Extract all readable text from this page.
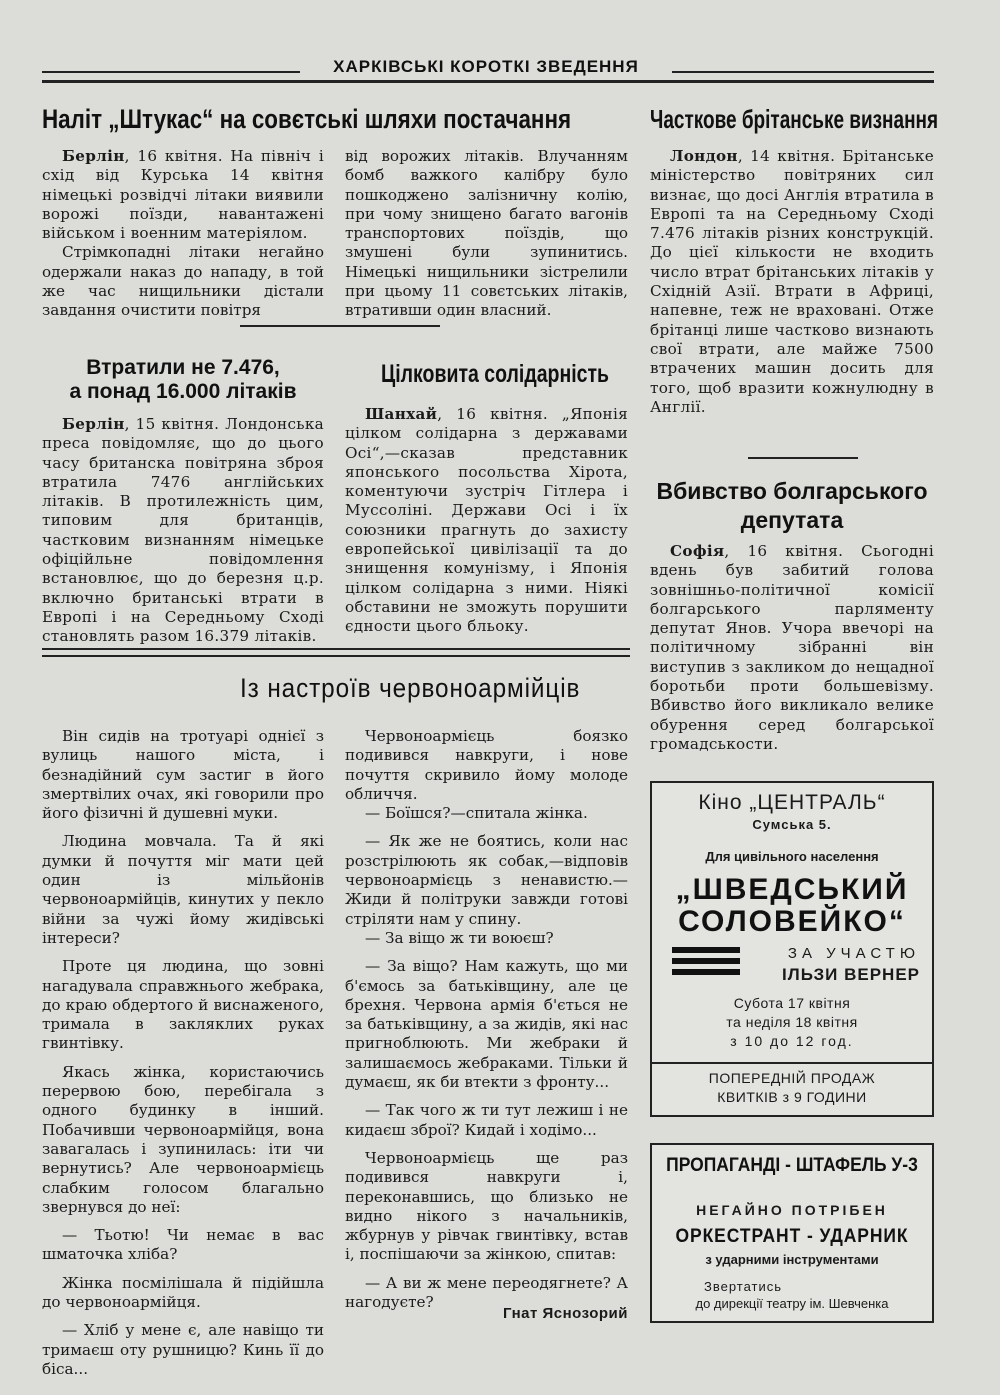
ХАРКІВСЬКІ КОРОТКІ ЗВЕДЕННЯ
Наліт „Штукас“ на совєтські шляхи постачання

Берлін, 16 квітня. На північ і схід від Курська 14 квітня німецькі розвідчі літаки виявили ворожі поїзди, навантажені військом і военним матеріялом.

Стрімкопадні літаки негайно одержали наказ до нападу, в той же час нищильники дістали завдання очистити повітря

від ворожих літаків. Влучанням бомб важкого калібру було пошкоджено залізничну колію, при чому знищено багато вагонів транспортових поїздів, що змушені були зупинитись. Німецькі нищильники зістрелили при цьому 11 совєтських літаків, втративши один власний.

Втратили не 7.476,
а понад 16.000 літаків

Берлін, 15 квітня. Лондонська преса повідомляє, що до цього часу британска повітряна зброя втратила 7476 англійських літаків. В протилежність цим, типовим для британців, частковим визнанням німецьке офіційльне повідомлення встановлює, що до березня ц.р. включно британські втрати в Европі і на Середньому Сході становлять разом 16.379 літаків.

Цілковита солідарність

Шанхай, 16 квітня. „Японія цілком солідарна з державами Осі“,—сказав представник японського посольства Хірота, коментуючи зустріч Гітлера і Муссоліні. Держави Осі і їх союзники прагнуть до захисту европейської цивілізації та до знищення комунізму, і Японія цілком солідарна з ними. Ніякі обставини не зможуть порушити єдности цього бльоку.

Часткове брітанське визнання

Лондон, 14 квітня. Брітанське міністерство повітряних сил визнає, що досі Англія втратила в Европі та на Середньому Сході 7.476 літаків різних конструкцій. До цієї кількости не входить число втрат брітанських літаків у Східній Азії. Втрати в Африці, напевне, теж не враховані. Отже брітанці лише частково визнають свої втрати, але майже 7500 втрачених машин досить для того, щоб вразити кожнулюдну в Англії.

Вбивство болгарського
депутата

Софія, 16 квітня. Сьогодні вдень був забитий голова зовнішньо-політичної комісії болгарського парляменту депутат Янов. Учора ввечорі на політичному зібранні він виступив з закликом до нещадної боротьби проти большевізму. Вбивство його викликало велике обурення серед болгарської громадськости.

Із настроїв червоноармійців

Він сидів на тротуарі однієї з вулиць нашого міста, і безнадійний сум застиг в його змертвілих очах, які говорили про його фізичні й душевні муки.

Людина мовчала. Та й які думки й почуття міг мати цей один із мільйонів червоноармійців, кинутих у пекло війни за чужі йому жидівські інтереси?

Проте ця людина, що зовні нагадувала справжнього жебрака, до краю обдертого й виснаженого, тримала в закляклих руках гвинтівку.

Якась жінка, користаючись перервою бою, перебігала з одного будинку в інший. Побачивши червоноармійця, вона завагалась і зупинилась: іти чи вернутись? Але червоноармієць слабким голосом благально звернувся до неї:

— Тьотю! Чи немає в вас шматочка хліба?

Жінка посмілішала й підійшла до червоноармійця.

— Хліб у мене є, але навіщо ти тримаєш оту рушницю? Кинь її до біса...

Червоноармієць боязко подивився навкруги, і нове почуття скривило йому молоде обличчя.

— Боїшся?—спитала жінка.

— Як же не боятись, коли нас розстрілюють як собак,—відповів червоноармієць з ненавистю.— Жиди й політруки завжди готові стріляти нам у спину.

— За віщо ж ти воюєш?

— За віщо? Нам кажуть, що ми б'ємось за батьківщину, але це брехня. Червона армія б'ється не за батьківщину, а за жидів, які нас пригноблюють. Ми жебраки й залишаємось жебраками. Тільки й думаєш, як би втекти з фронту...

— Так чого ж ти тут лежиш і не кидаєш зброї? Кидай і ходімо...

Червоноармієць ще раз подивився навкруги і, переконавшись, що близько не видно нікого з начальників, жбурнув у рівчак гвинтівку, встав і, поспішаючи за жінкою, спитав:

— А ви ж мене переодягнете? А нагодуєте?

Гнат Яснозорий
Кіно „ЦЕНТРАЛЬ“
Сумська 5.
Для цивільного населення
„ШВЕДСЬКИЙ
СОЛОВЕЙКО“
ЗА УЧАСТЮ
ІЛЬЗИ ВЕРНЕР
Субота 17 квітня
та неділя 18 квітня
з 10 до 12 год.
ПОПЕРЕДНІЙ ПРОДАЖ
КВИТКІВ з 9 ГОДИНИ
ПРОПАГАНДІ - ШТАФЕЛЬ У-3
НЕГАЙНО ПОТРІБЕН
ОРКЕСТРАНТ - УДАРНИК
з ударними інструментами
Звертатись
до дирекції театру ім. Шевченка
